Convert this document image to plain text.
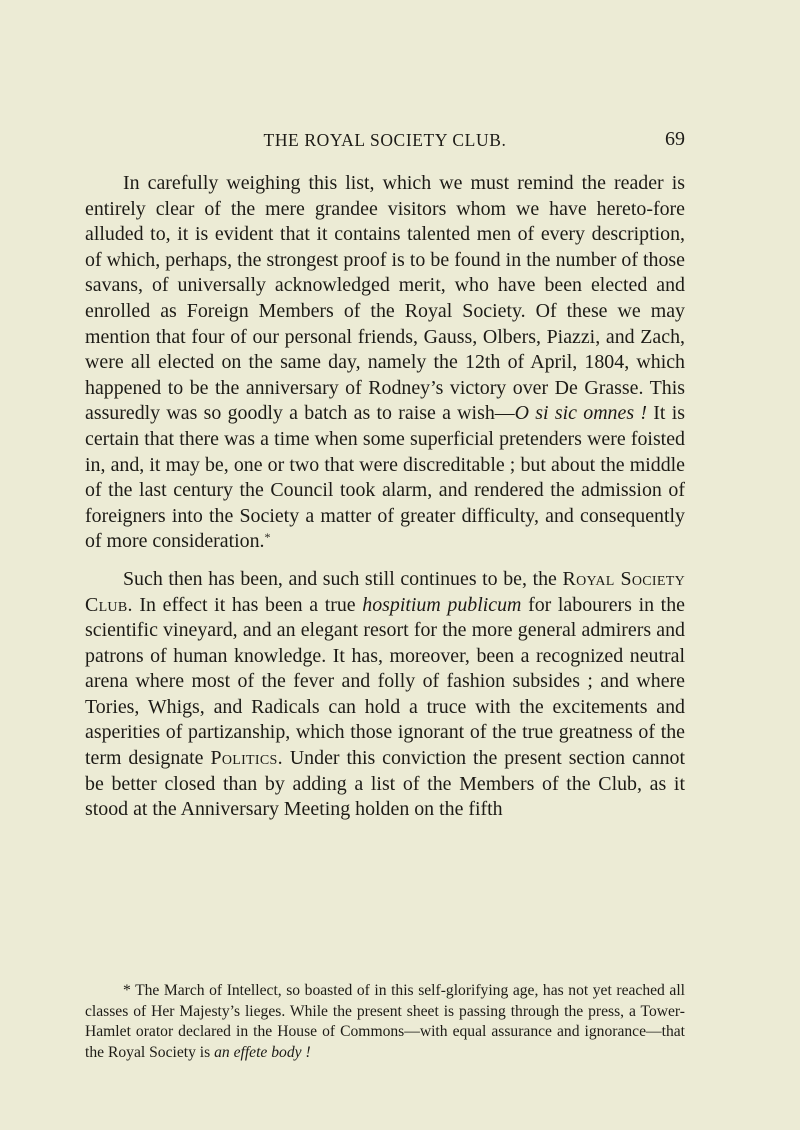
THE ROYAL SOCIETY CLUB.	69

In carefully weighing this list, which we must remind the reader is entirely clear of the mere grandee visitors whom we have hereto-fore alluded to, it is evident that it contains talented men of every description, of which, perhaps, the strongest proof is to be found in the number of those savans, of universally acknowledged merit, who have been elected and enrolled as Foreign Members of the Royal Society. Of these we may mention that four of our personal friends, Gauss, Olbers, Piazzi, and Zach, were all elected on the same day, namely the 12th of April, 1804, which happened to be the anniversary of Rodney’s victory over De Grasse. This assuredly was so goodly a batch as to raise a wish—O si sic omnes ! It is certain that there was a time when some superficial pretenders were foisted in, and, it may be, one or two that were discreditable ; but about the middle of the last century the Council took alarm, and rendered the admission of foreigners into the Society a matter of greater difficulty, and consequently of more consideration.*

Such then has been, and such still continues to be, the Royal Society Club. In effect it has been a true hospitium publicum for labourers in the scientific vineyard, and an elegant resort for the more general admirers and patrons of human knowledge. It has, moreover, been a recognized neutral arena where most of the fever and folly of fashion subsides ; and where Tories, Whigs, and Radicals can hold a truce with the excitements and asperities of partizanship, which those ignorant of the true greatness of the term designate Politics. Under this conviction the present section cannot be better closed than by adding a list of the Members of the Club, as it stood at the Anniversary Meeting holden on the fifth

* The March of Intellect, so boasted of in this self-glorifying age, has not yet reached all classes of Her Majesty’s lieges. While the present sheet is passing through the press, a Tower-Hamlet orator declared in the House of Commons—with equal assurance and ignorance—that the Royal Society is an effete body !
